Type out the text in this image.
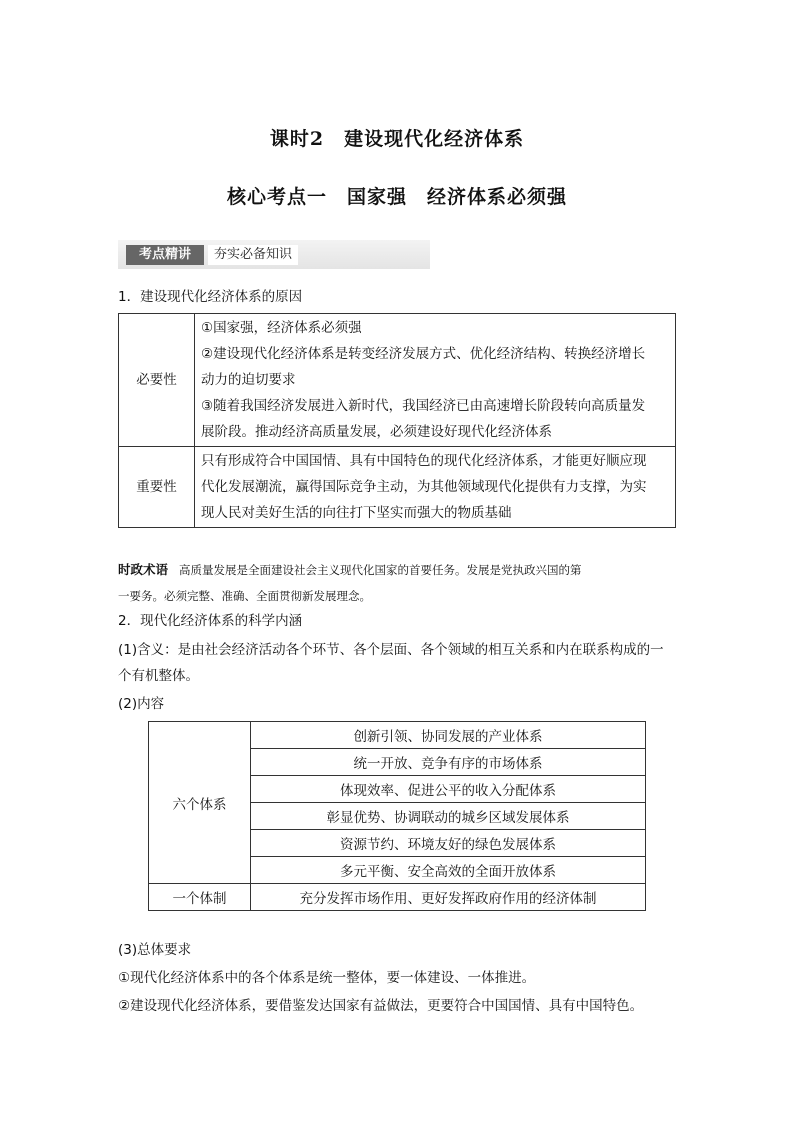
课时2　建设现代化经济体系
核心考点一　国家强　经济体系必须强
考点精讲	夯实必备知识
1．建设现代化经济体系的原因
必要性	①国家强，经济体系必须强
②建设现代化经济体系是转变经济发展方式、优化经济结构、转换经济增长
动力的迫切要求
③随着我国经济发展进入新时代，我国经济已由高速增长阶段转向高质量发
展阶段。推动经济高质量发展，必须建设好现代化经济体系

重要性	只有形成符合中国国情、具有中国特色的现代化经济体系，才能更好顺应现
代化发展潮流，赢得国际竞争主动，为其他领域现代化提供有力支撑，为实
现人民对美好生活的向往打下坚实而强大的物质基础
时政术语 高质量发展是全面建设社会主义现代化国家的首要任务。发展是党执政兴国的第
一要务。必须完整、准确、全面贯彻新发展理念。
2．现代化经济体系的科学内涵
(1)含义：是由社会经济活动各个环节、各个层面、各个领域的相互关系和内在联系构成的一
个有机整体。
(2)内容
六个体系	创新引领、协同发展的产业体系
	统一开放、竞争有序的市场体系
	体现效率、促进公平的收入分配体系
	彰显优势、协调联动的城乡区域发展体系
	资源节约、环境友好的绿色发展体系
	多元平衡、安全高效的全面开放体系
一个体制	充分发挥市场作用、更好发挥政府作用的经济体制
(3)总体要求
①现代化经济体系中的各个体系是统一整体，要一体建设、一体推进。
②建设现代化经济体系，要借鉴发达国家有益做法，更要符合中国国情、具有中国特色。
